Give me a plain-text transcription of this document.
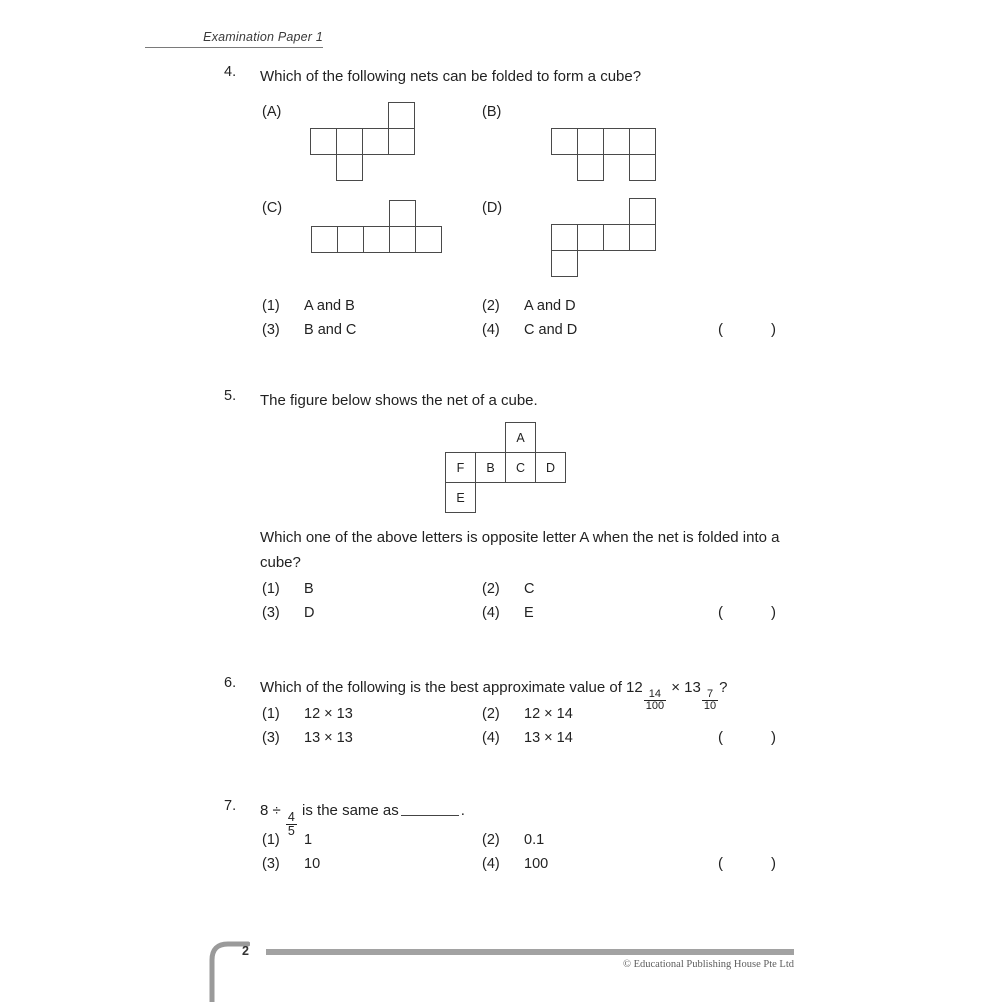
Examination Paper 1
4. Which of the following nets can be folded to form a cube?
(A)	(B)
(C)	(D)
(1) A and B	(2) A and D
(3) B and C	(4) C and D	(	)
5. The figure below shows the net of a cube.
A
F B C D
E
Which one of the above letters is opposite letter A when the net is folded into a cube?
(1) B	(2) C
(3) D	(4) E	(	)
6. Which of the following is the best approximate value of 12
$\frac{14}{100}$
× 13
$\frac{7}{10}$
?
(1) 12 × 13	(2) 12 × 14
(3) 13 × 13	(4) 13 × 14	(	)
7. 8 ÷
$\frac{4}{5}$
is the same as	.
(1) 1	(2) 0.1
(3) 10	(4) 100	(	)
2
© Educational Publishing House Pte Ltd
